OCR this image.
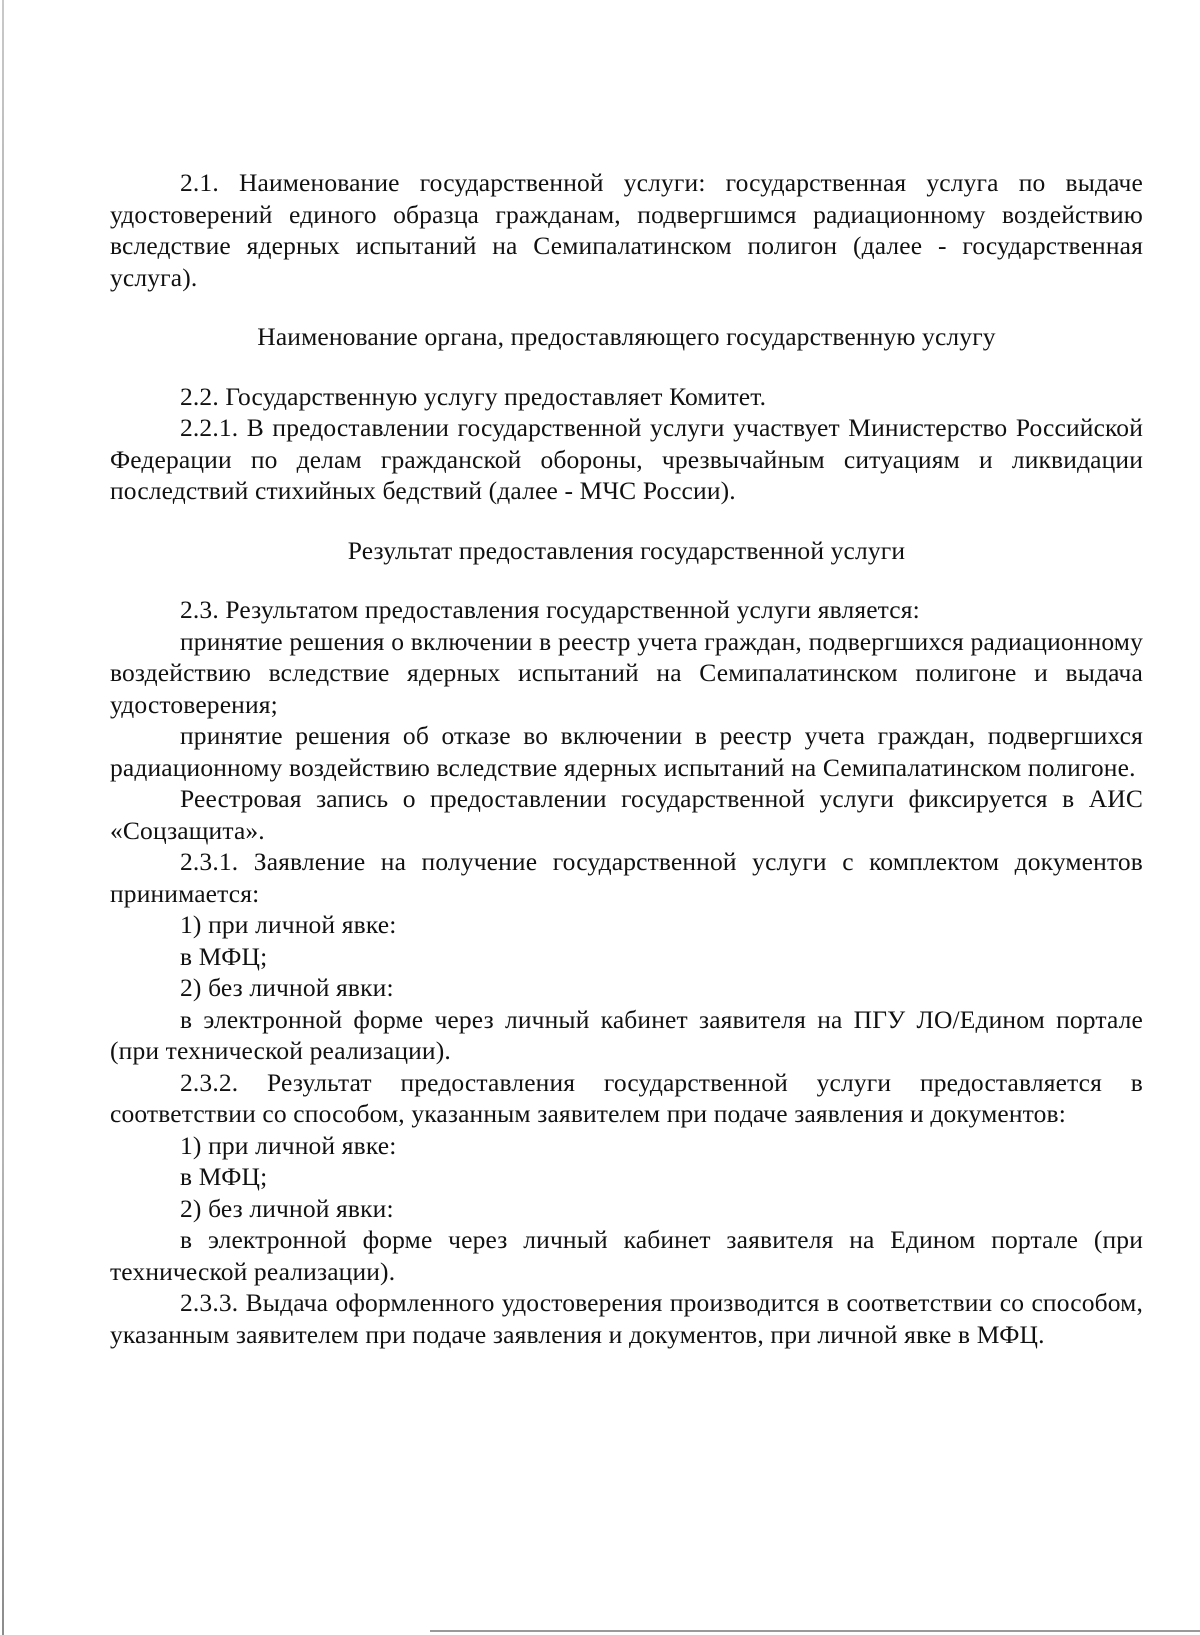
2.1. Наименование государственной услуги: государственная услуга по выдаче удостоверений единого образца гражданам, подвергшимся радиационному воздействию вследствие ядерных испытаний на Семипалатинском полигон (далее - государственная услуга).

Наименование органа, предоставляющего государственную услугу

2.2. Государственную услугу предоставляет Комитет.

2.2.1. В предоставлении государственной услуги участвует Министерство Российской Федерации по делам гражданской обороны, чрезвычайным ситуациям и ликвидации последствий стихийных бедствий (далее - МЧС России).

Результат предоставления государственной услуги

2.3. Результатом предоставления государственной услуги является:

принятие решения о включении в реестр учета граждан, подвергшихся радиационному воздействию вследствие ядерных испытаний на Семипалатинском полигоне и выдача удостоверения;

принятие решения об отказе во включении в реестр учета граждан, подвергшихся радиационному воздействию вследствие ядерных испытаний на Семипалатинском полигоне.

Реестровая запись о предоставлении государственной услуги фиксируется в АИС «Соцзащита».

2.3.1. Заявление на получение государственной услуги с комплектом документов принимается:

1) при личной явке:

в МФЦ;

2) без личной явки:

в электронной форме через личный кабинет заявителя на ПГУ ЛО/Едином портале (при технической реализации).

2.3.2. Результат предоставления государственной услуги предоставляется в соответствии со способом, указанным заявителем при подаче заявления и документов:

1) при личной явке:

в МФЦ;

2) без личной явки:

в электронной форме через личный кабинет заявителя на Едином портале (при технической реализации).

2.3.3. Выдача оформленного удостоверения производится в соответствии со способом, указанным заявителем при подаче заявления и документов, при личной явке в МФЦ.
